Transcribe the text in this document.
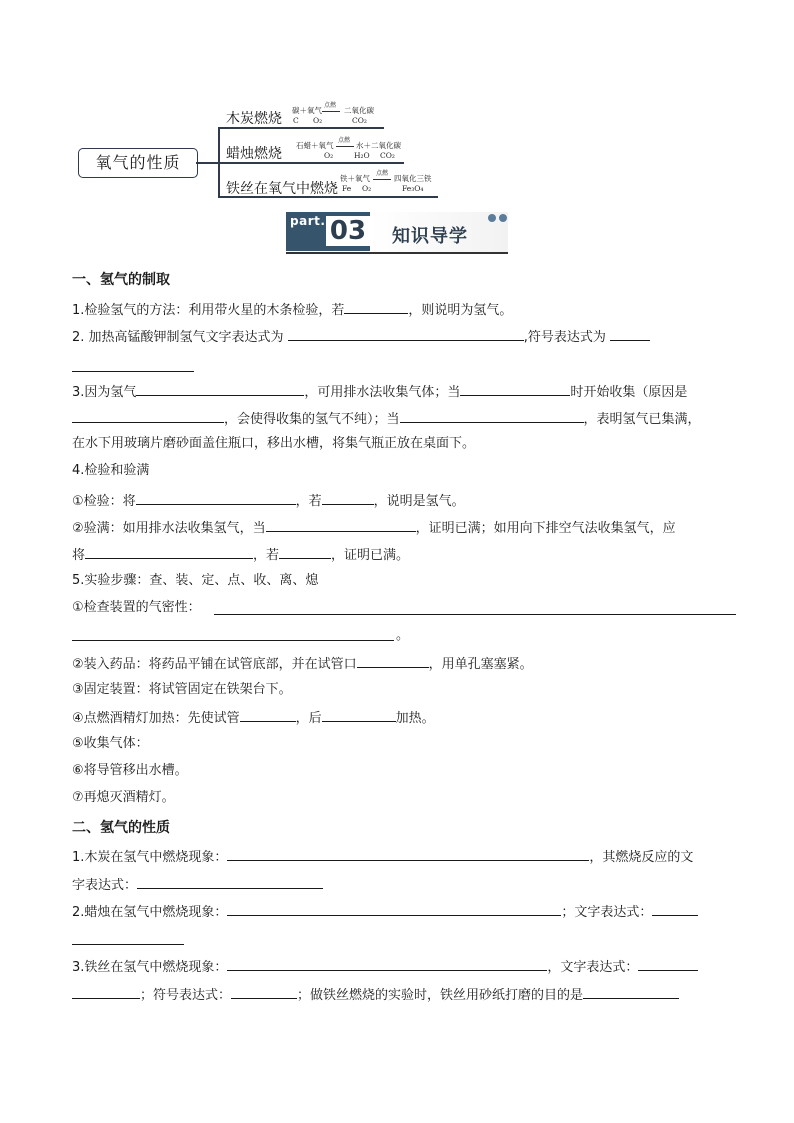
氧气的性质
木炭燃烧
碳＋氧气
点燃
二氧化碳
C O₂	CO₂
蜡烛燃烧
石蜡＋氧气
点燃
水＋二氧化碳
O₂	H₂O CO₂
铁丝在氧气中燃烧
铁＋氧气
点燃
四氧化三铁
Fe O₂	Fe₃O₄
part. 03 知识导学
一、氢气的制取
1.检验氢气的方法：利用带火星的木条检验，若	，则说明为氢气。
2. 加热高锰酸钾制氢气文字表达式为	,符号表达式为
3.因为氢气	，可用排水法收集气体；当	时开始收集（原因是
，会使得收集的氢气不纯）；当	，表明氢气已集满，
在水下用玻璃片磨砂面盖住瓶口，移出水槽，将集气瓶正放在桌面下。
4.检验和验满
①检验：将	，若	，说明是氢气。
②验满：如用排水法收集氢气，当	，证明已满；如用向下排空气法收集氢气，应
将	，若	，证明已满。
5.实验步骤：查、装、定、点、收、离、熄
①检查装置的气密性：
。
②装入药品：将药品平铺在试管底部，并在试管口	，用单孔塞塞紧。
③固定装置：将试管固定在铁架台下。
④点燃酒精灯加热：先使试管	，后	加热。
⑤收集气体：
⑥将导管移出水槽。
⑦再熄灭酒精灯。
二、氢气的性质
1.木炭在氢气中燃烧现象：	，其燃烧反应的文
字表达式：
2.蜡烛在氢气中燃烧现象：	；文字表达式：
3.铁丝在氢气中燃烧现象：	，文字表达式：
；符号表达式：	；做铁丝燃烧的实验时，铁丝用砂纸打磨的目的是
